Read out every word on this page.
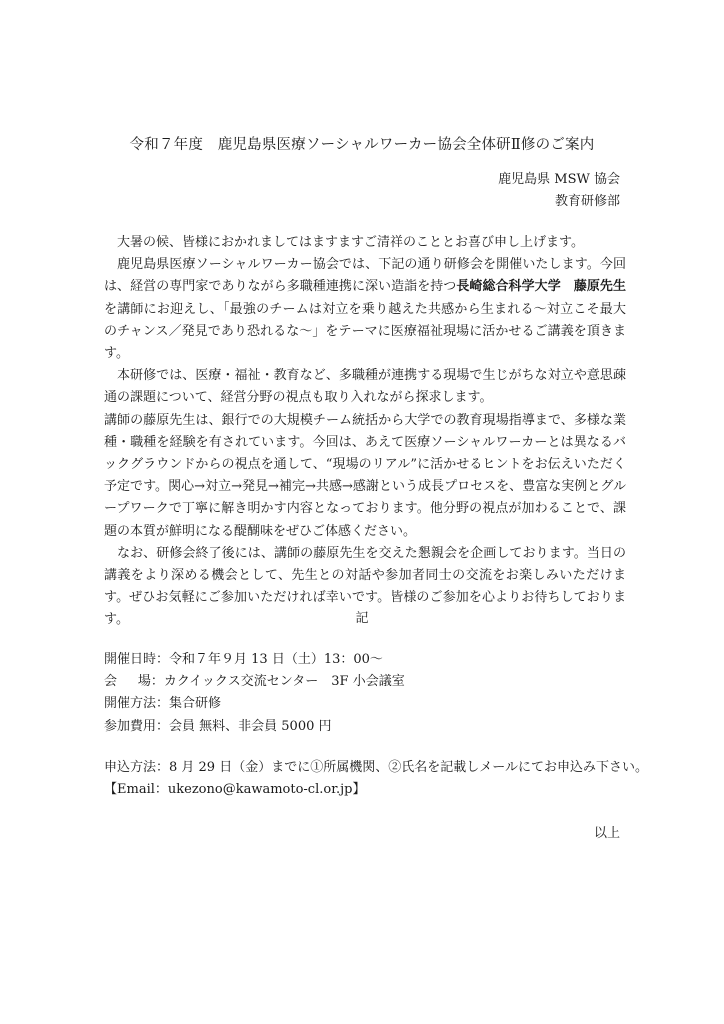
令和７年度　鹿児島県医療ソーシャルワーカー協会全体研Ⅱ修のご案内
鹿児島県 MSW 協会
教育研修部

大暑の候、皆様におかれましてはますますご清祥のこととお喜び申し上げます。

鹿児島県医療ソーシャルワーカー協会では、下記の通り研修会を開催いたします。今回は、経営の専門家でありながら多職種連携に深い造詣を持つ長崎総合科学大学　 藤原先生を講師にお迎えし、「最強のチームは対立を乗り越えた共感から生まれる～対立こそ最大のチャンス／発見であり恐れるな～」をテーマに医療福祉現場に活かせるご講義を頂きます。

本研修では、医療・福祉・教育など、多職種が連携する現場で生じがちな対立や意思疎通の課題について、経営分野の視点も取り入れながら探求します。

講師の藤原先生は、銀行での大規模チーム統括から大学での教育現場指導まで、多様な業種・職種を経験を有されています。今回は、あえて医療ソーシャルワーカーとは異なるバックグラウンドからの視点を通して、“現場のリアル”に活かせるヒントをお伝えいただく予定です。関心→対立→発見→補完→共感→感謝という成長プロセスを、豊富な実例とグループワークで丁寧に解き明かす内容となっております。他分野の視点が加わることで、課題の本質が鮮明になる醍醐味をぜひご体感ください。

なお、研修会終了後には、講師の藤原先生を交えた懇親会を企画しております。当日の講義をより深める機会として、先生との対話や参加者同士の交流をお楽しみいただけます。ぜひお気軽にご参加いただければ幸いです。皆様のご参加を心よりお待ちしております。	記
開催日時：令和７年９月 13 日（土）13：00～
会 場：カクイックス交流センター　3F 小会議室
開催方法：集合研修
参加費用：会員 無料、非会員 5000 円
申込方法：8 月 29 日（金）までに①所属機関、②氏名を記載しメールにてお申込み下さい。
【Email：ukezono@kawamoto-cl.or.jp】
以上
